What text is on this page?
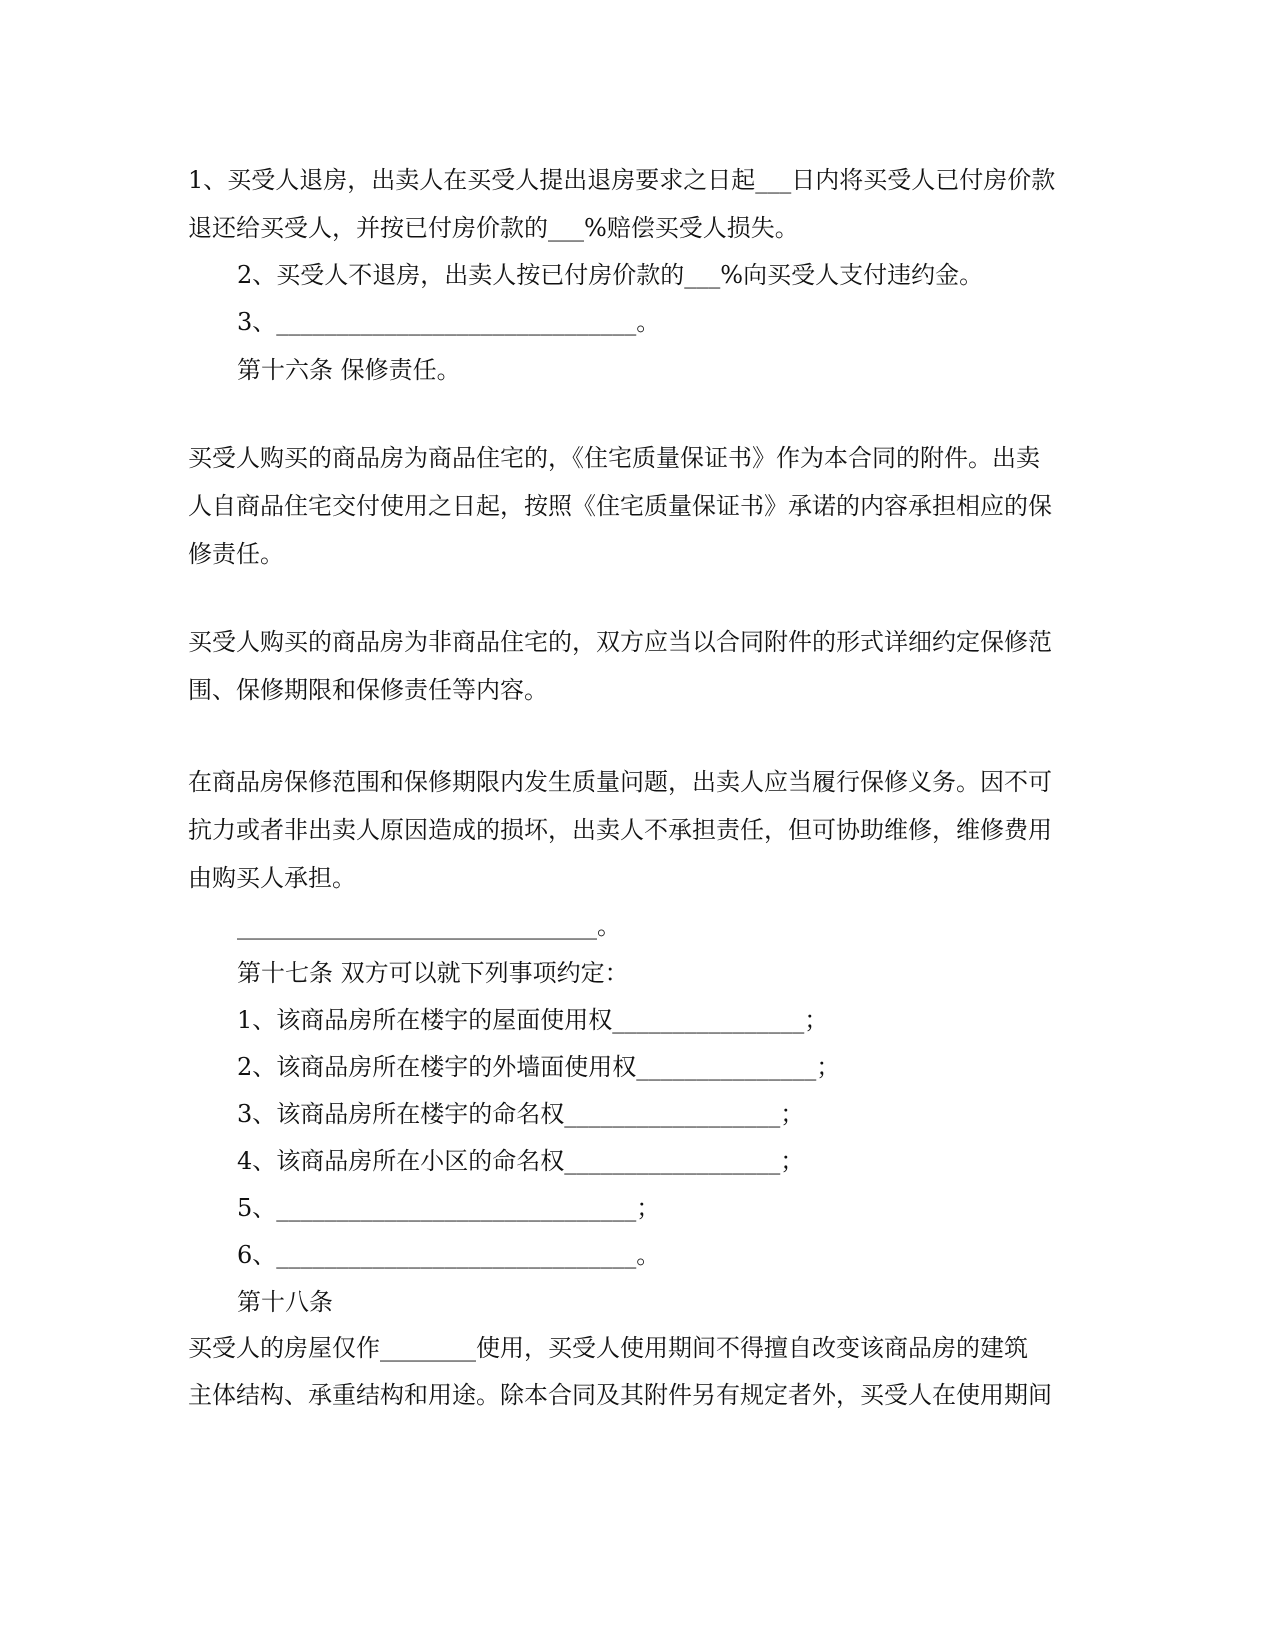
1、买受人退房，出卖人在买受人提出退房要求之日起___日内将买受人已付房价款
退还给买受人，并按已付房价款的___%赔偿买受人损失。
2、买受人不退房，出卖人按已付房价款的___%向买受人支付违约金。
3、______________________________。
第十六条 保修责任。
买受人购买的商品房为商品住宅的，《住宅质量保证书》作为本合同的附件。出卖
人自商品住宅交付使用之日起，按照《住宅质量保证书》承诺的内容承担相应的保
修责任。
买受人购买的商品房为非商品住宅的，双方应当以合同附件的形式详细约定保修范
围、保修期限和保修责任等内容。
在商品房保修范围和保修期限内发生质量问题，出卖人应当履行保修义务。因不可
抗力或者非出卖人原因造成的损坏，出卖人不承担责任，但可协助维修，维修费用
由购买人承担。
______________________________。
第十七条 双方可以就下列事项约定：
1、该商品房所在楼宇的屋面使用权________________；
2、该商品房所在楼宇的外墙面使用权_______________；
3、该商品房所在楼宇的命名权__________________；
4、该商品房所在小区的命名权__________________；
5、______________________________；
6、______________________________。
第十八条
买受人的房屋仅作________使用，买受人使用期间不得擅自改变该商品房的建筑
主体结构、承重结构和用途。除本合同及其附件另有规定者外，买受人在使用期间
